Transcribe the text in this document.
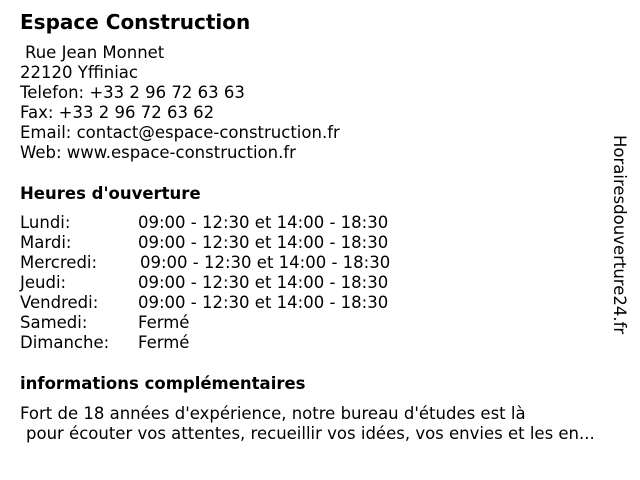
Espace Construction
Rue Jean Monnet
22120 Yffiniac
Telefon: +33 2 96 72 63 63
Fax: +33 2 96 72 63 62
Email: contact@espace-construction.fr
Web: www.espace-construction.fr
Heures d'ouverture
Lundi:	09:00 - 12:30 et 14:00 - 18:30
Mardi:	09:00 - 12:30 et 14:00 - 18:30
Mercredi:	09:00 - 12:30 et 14:00 - 18:30
Jeudi:	09:00 - 12:30 et 14:00 - 18:30
Vendredi: 09:00 - 12:30 et 14:00 - 18:30
Samedi:	Fermé
Dimanche: Fermé
informations complémentaires
Fort de 18 années d'expérience, notre bureau d'études est là
pour écouter vos attentes, recueillir vos idées, vos envies et les en...
Horairesdouverture24.fr
